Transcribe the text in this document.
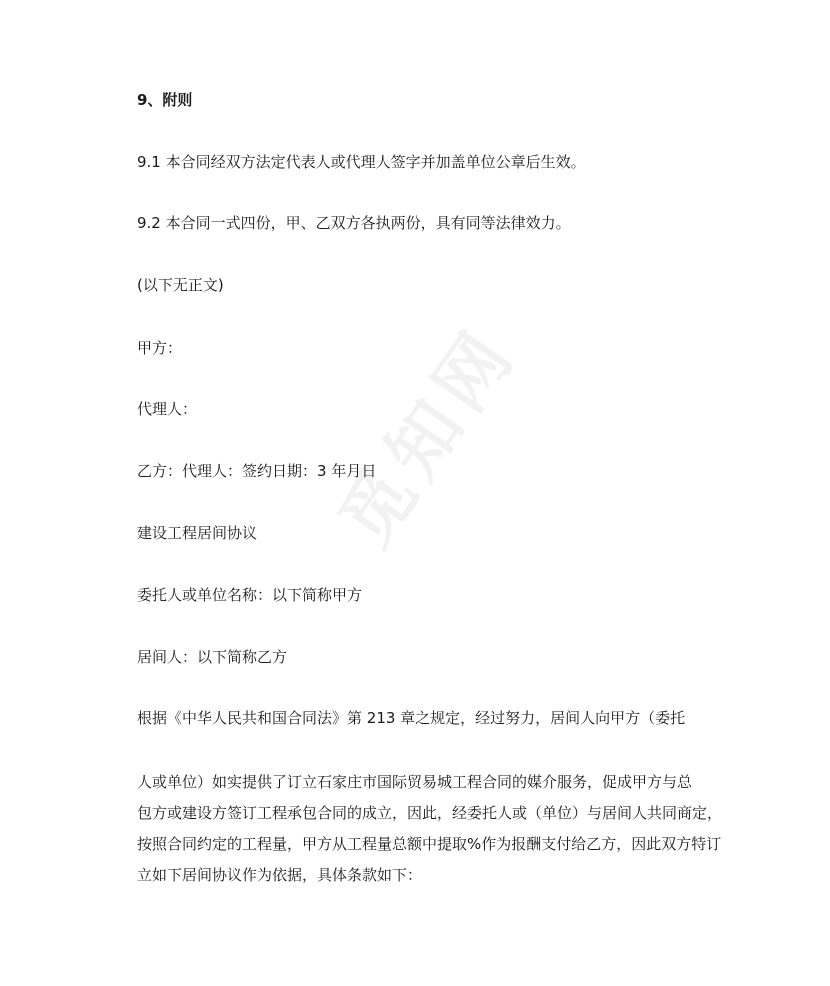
觅知网
9、附则
9.1 本合同经双方法定代表人或代理人签字并加盖单位公章后生效。
9.2 本合同一式四份，甲、乙双方各执两份，具有同等法律效力。
(以下无正文)
甲方：
代理人：
乙方：代理人：签约日期：3 年月日
建设工程居间协议
委托人或单位名称：以下简称甲方
居间人：以下简称乙方
根据《中华人民共和国合同法》第 213 章之规定，经过努力，居间人向甲方（委托
人或单位）如实提供了订立石家庄市国际贸易城工程合同的媒介服务，促成甲方与总
包方或建设方签订工程承包合同的成立，因此，经委托人或（单位）与居间人共同商定，
按照合同约定的工程量，甲方从工程量总额中提取%作为报酬支付给乙方，因此双方特订
立如下居间协议作为依据，具体条款如下：
